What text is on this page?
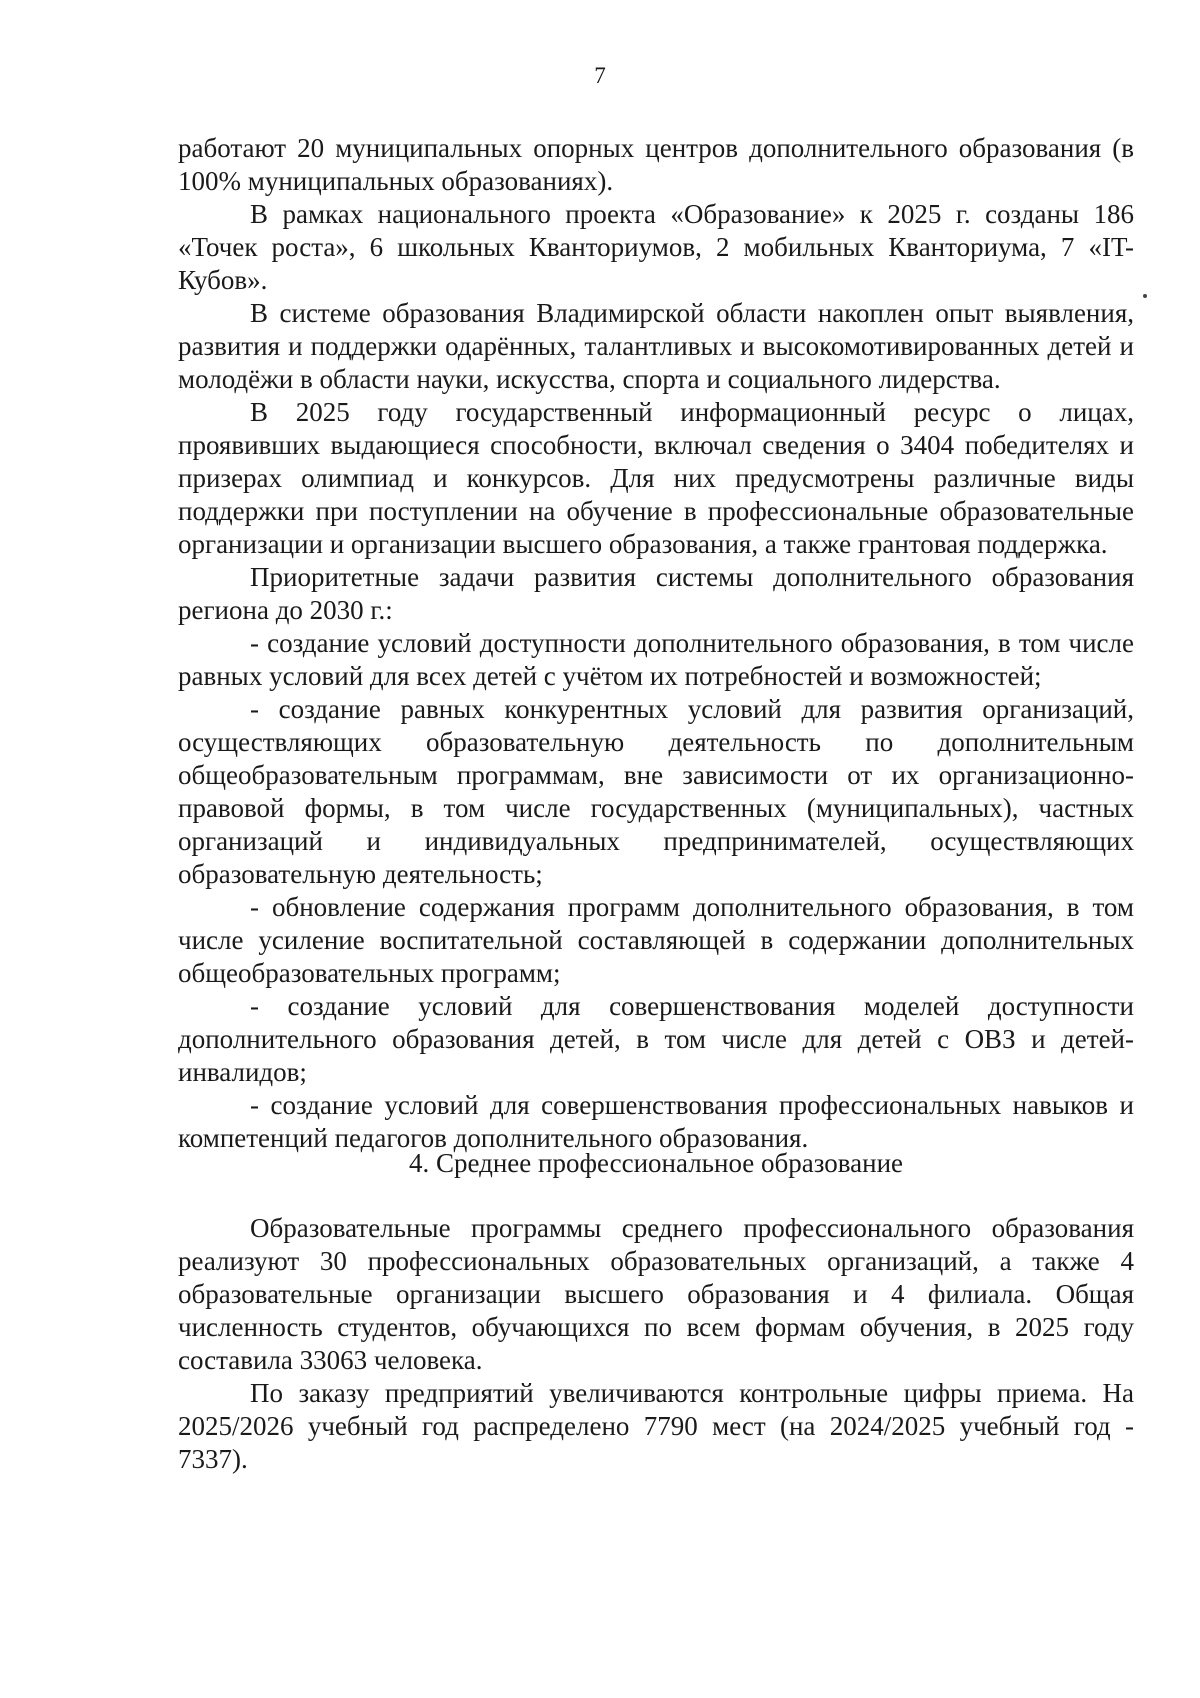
7

работают 20 муниципальных опорных центров дополнительного образования (в 100% муниципальных образованиях).

В рамках национального проекта «Образование» к 2025 г. созданы 186 «Точек роста», 6 школьных Кванториумов, 2 мобильных Кванториума, 7 «IT-Кубов».

В системе образования Владимирской области накоплен опыт выявления, развития и поддержки одарённых, талантливых и высокомотивированных детей и молодёжи в области науки, искусства, спорта и социального лидерства.

В 2025 году государственный информационный ресурс о лицах, проявивших выдающиеся способности, включал сведения о 3404 победителях и призерах олимпиад и конкурсов. Для них предусмотрены различные виды поддержки при поступлении на обучение в профессиональные образовательные организации и организации высшего образования, а также грантовая поддержка.

Приоритетные задачи развития системы дополнительного образования региона до 2030 г.:

- создание условий доступности дополнительного образования, в том числе равных условий для всех детей с учётом их потребностей и возможностей;

- создание равных конкурентных условий для развития организаций, осуществляющих образовательную деятельность по дополнительным общеобразовательным программам, вне зависимости от их организационно-правовой формы, в том числе государственных (муниципальных), частных организаций и индивидуальных предпринимателей, осуществляющих образовательную деятельность;

- обновление содержания программ дополнительного образования, в том числе усиление воспитательной составляющей в содержании дополнительных общеобразовательных программ;

- создание условий для совершенствования моделей доступности дополнительного образования детей, в том числе для детей с ОВЗ и детей-инвалидов;

- создание условий для совершенствования профессиональных навыков и компетенций педагогов дополнительного образования.

4. Среднее профессиональное образование

Образовательные программы среднего профессионального образования реализуют 30 профессиональных образовательных организаций, а также 4 образовательные организации высшего образования и 4 филиала. Общая численность студентов, обучающихся по всем формам обучения, в 2025 году составила 33063 человека.

По заказу предприятий увеличиваются контрольные цифры приема. На 2025/2026 учебный год распределено 7790 мест (на 2024/2025 учебный год - 7337).
